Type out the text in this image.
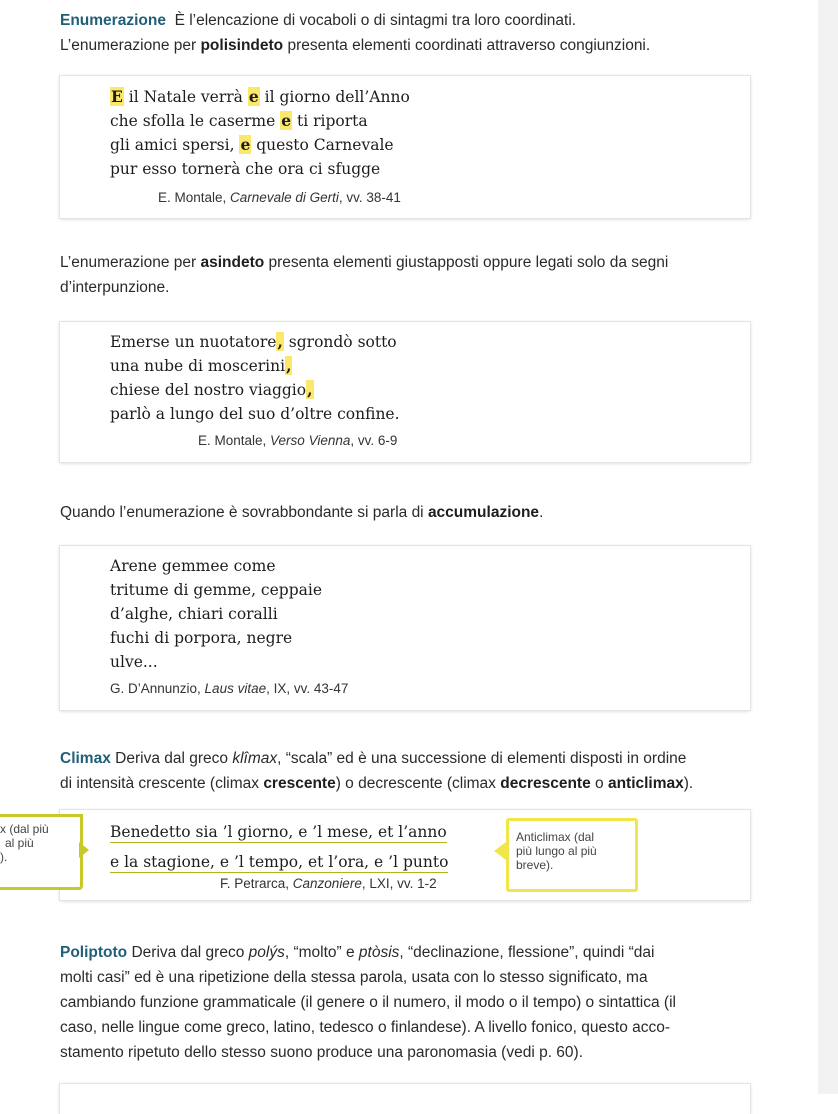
Enumerazione È l’elencazione di vocaboli o di sintagmi tra loro coordinati.
L’enumerazione per polisindeto presenta elementi coordinati attraverso congiunzioni.

E il Natale verrà e il giorno dell’Anno
che sfolla le caserme e ti riporta
gli amici spersi, e questo Carnevale
pur esso tornerà che ora ci sfugge
E. Montale, Carnevale di Gerti, vv. 38-41

L’enumerazione per asindeto presenta elementi giustapposti oppure legati solo da segni
d’interpunzione.

Emerse un nuotatore, sgrondò sotto
una nube di moscerini,
chiese del nostro viaggio,
parlò a lungo del suo d’oltre confine.
E. Montale, Verso Vienna, vv. 6-9

Quando l’enumerazione è sovrabbondante si parla di accumulazione.

Arene gemmee come
tritume di gemme, ceppaie
d’alghe, chiari coralli
fuchi di porpora, negre
ulve...
G. D’Annunzio, Laus vitae, IX, vv. 43-47

Climax Deriva dal greco klîmax, “scala” ed è una successione di elementi disposti in ordine
di intensità crescente (climax crescente) o decrescente (climax decrescente o anticlimax).

x (dal più
al più
).
Benedetto sia ’l giorno, e ’l mese, et l’anno
e la stagione, e ’l tempo, et l’ora, e ’l punto
F. Petrarca, Canzoniere, LXI, vv. 1-2
Anticlimax (dal
più lungo al più
breve).

Poliptoto Deriva dal greco polýs, “molto” e ptòsis, “declinazione, flessione”, quindi “dai
molti casi” ed è una ripetizione della stessa parola, usata con lo stesso significato, ma
cambiando funzione grammaticale (il genere o il numero, il modo o il tempo) o sintattica (il
caso, nelle lingue come greco, latino, tedesco o finlandese). A livello fonico, questo acco-
stamento ripetuto dello stesso suono produce una paronomasia (vedi p. 60).
